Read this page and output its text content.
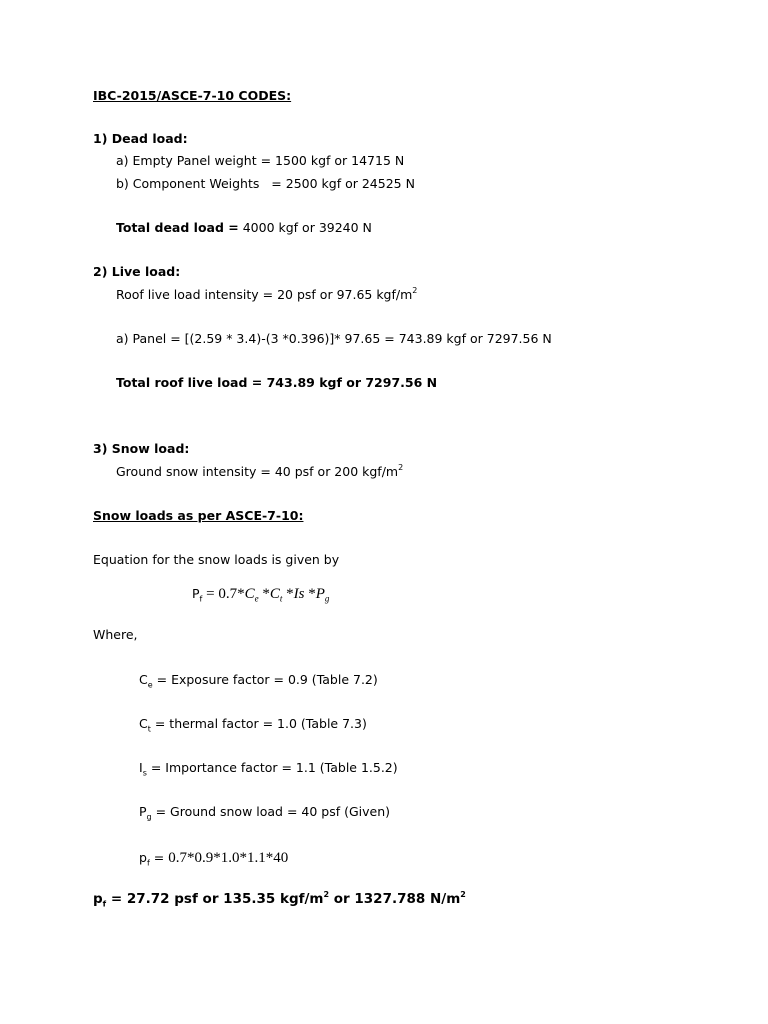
IBC-2015/ASCE-7-10 CODES:
1) Dead load:
a) Empty Panel weight = 1500 kgf or 14715 N
b) Component Weights   = 2500 kgf or 24525 N
Total dead load = 4000 kgf or 39240 N
2) Live load:
Roof live load intensity = 20 psf or 97.65 kgf/$m^2$
a) Panel = [(2.59 * 3.4)-(3 *0.396)]* 97.65 = 743.89 kgf or 7297.56 N
Total roof live load = 743.89 kgf or 7297.56 N
3) Snow load:
Ground snow intensity = 40 psf or 200 kgf/$m^2$
Snow loads as per ASCE-7-10:
Equation for the snow loads is given by
$P_f = 0.7*C_e$ $*C_t$ *Is $*P_g$
Where,
$C_e$ = Exposure factor = 0.9 (Table 7.2)
$C_t$ = thermal factor = 1.0 (Table 7.3)
$I_s$ = Importance factor = 1.1 (Table 1.5.2)
$P_g$ = Ground snow load = 40 psf (Given)
$p_f = 0.7*0.9*1.0*1.1*40$
$p_f = 27.72$ psf or 135.35 kgf/$m^2$ or 1327.788 $N/m^2$
